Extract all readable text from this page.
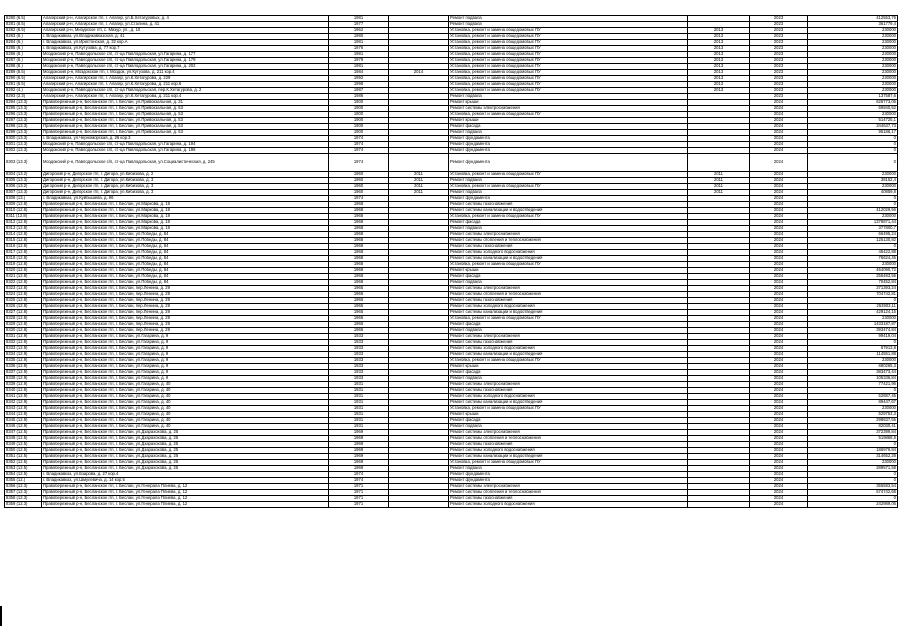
8280 (6.5)	Алагирский р-н, Алагирское г/п, г. Алагир, ул.Б.Хетагуровых, д. 4	1981		Ремонт подвала		2023	412553,76
8281 (6.5)	Алагирский р-н, Алагирское г/п, г. Алагир, ул.Сталина, д. 41	1977		Ремонт подвала		2023	361779,4
8282 (6.5)	Алагирский р-н, Мизурское г/п, с. Мизур, ул., д. 10	1962		Установка, ремонт и замена общедомовых ПУ	2013	2023	230000
8283 (6.)	г. Владикавказ, ул.Владикавказская, д. 41	1980		Установка, ремонт и замена общедомовых ПУ	2013	2023	230000
8284 (6.)	г. Владикавказ, ул.Иристонская, д. 32 кор.А	1981		Установка, ремонт и замена общедомовых ПУ	2013	2023	230000
8285 (6.)	г. Владикавказ, ул.Кутузова, д. 77 кор.7	1976		Установка, ремонт и замена общедомовых ПУ	2013	2023	230000
8286 (6.)	Моздокский р-н, Павлодольское с/п, ст-ца Павлодольская, ул.Гагарина, д. 177	1981		Установка, ремонт и замена общедомовых ПУ	2013	2023	230000
8287 (6.)	Моздокский р-н, Павлодольское с/п, ст-ца Павлодольская, ул.Гагарина, д. 179	1979		Установка, ремонт и замена общедомовых ПУ	2013	2023	230000
8288 (6.)	Моздокский р-н, Павлодольское с/п, ст-ца Павлодольская, ул.Гагарина, д. 202	1981		Установка, ремонт и замена общедомовых ПУ	2013	2023	230000
8289 (6.5)	Моздокский р-н, Моздокское г/п, г. Моздок, ул.Кутузова, д. 211 кор.4	1984	2014	Установка, ремонт и замена общедомовых ПУ	2013	2023	230000
8290 (6.5)	Алагирский р-н, Алагирское г/п, г. Алагир, ул.К.Хетагурова, д. 229	1992		Установка, ремонт и замена общедомовых ПУ	2013	2023	230000
8291 (6.5)	Алагирский р-н, Алагирское г/п, г. Алагир, ул.К.Хетагурова, д. 211 кор.6	1998		Установка, ремонт и замена общедомовых ПУ	2013	2023	230000
8292 (4.)	Моздокский р-н, Павлодольское с/п, ст-ца Павлодольская, пер.К.Хетагурова, д. 2	1987		Установка, ремонт и замена общедомовых ПУ	2013	2023	230000
8293 (2.3)	Алагирский р-н, Алагирское г/п, г. Алагир, ул.К.Хетагурова, д. 211 кор.4	1986		Ремонт подвала		2023	137587,6
8294 (13.3)	Правобережный р-н, Бесланское г/п, г. Беслан, ул.Привокзальная, д. 31	1900		Ремонт крыши		2024	628773,06
8295 (13.3)	Правобережный р-н, Бесланское г/п, г. Беслан, ул.Привокзальная, д. 53	1900		Ремонт системы электроснабжения		2024	69940,52
8296 (13.3)	Правобережный р-н, Бесланское г/п, г. Беслан, ул.Привокзальная, д. 53	1900		Установка, ремонт и замена общедомовых ПУ		2024	230000
8297 (13.3)	Правобережный р-н, Бесланское г/п, г. Беслан, ул.Привокзальная, д. 53	1900		Ремонт крыши		2024	514725,1
8298 (13.3)	Правобережный р-н, Бесланское г/п, г. Беслан, ул.Привокзальная, д. 53	1900		Ремонт фасада		2024	344637,73
8299 (13.3)	Правобережный р-н, Бесланское г/п, г. Беслан, ул.Привокзальная, д. 53	1900		Ремонт подвала		2024	95186,17
8300 (13.3)	г. Владикавказ, ул.Черноморская, д. 26 кор.3	1974		Ремонт фундамента		2024	0
8301 (13.3)	Моздокский р-н, Павлодольское с/п, ст-ца Павлодольская, ул.Гагарина, д. 194	1974		Ремонт фундамента		2024	0
8302 (13.3)	Моздокский р-н, Павлодольское с/п, ст-ца Павлодольская, ул.Гагарина, д. 196	1974		Ремонт фундамента		2024	0
8303 (13.3)	Моздокский р-н, Павлодольское с/п, ст-ца Павлодольская, ул.Социалистическая, д. 245	1974		Ремонт фундамента		2024	0
8304 (13.2)	Дигорский р-н, Дигорское г/п, г. Дигора, ул.Кибизова, д. 2	1960	2011	Установка, ремонт и замена общедомовых ПУ	2011	2024	230000
8305 (13.3)	Дигорский р-н, Дигорское г/п, г. Дигора, ул.Кибизова, д. 3	1960	2011	Ремонт подвала	2011	2024	38152,4
8306 (13.2)	Дигорский р-н, Дигорское г/п, г. Дигора, ул.Кибизова, д. 3	1960	2011	Установка, ремонт и замена общедомовых ПУ	2011	2024	230000
8307 (13.3)	Дигорский р-н, Дигорское г/п, г. Дигора, ул.Кибизова, д. 3	1960	2011	Ремонт подвала	2011	2024	40859,8
8308 (13.)	г. Владикавказ, ул.Куйбышева, д. 96	1974		Ремонт фундамента		2024	0
8309 (12.8)	Правобережный р-н, Бесланское г/п, г. Беслан, ул.Маркова, д. 19	1968		Ремонт системы газоснабжения		2024	0
8310 (12.8)	Правобережный р-н, Бесланское г/п, г. Беслан, ул.Маркова, д. 19	1968		Ремонт системы канализации и водоотведения		2024	412029,56
8311 (12.8)	Правобережный р-н, Бесланское г/п, г. Беслан, ул.Маркова, д. 19	1968		Установка, ремонт и замена общедомовых ПУ		2024	230000
8312 (12.8)	Правобережный р-н, Бесланское г/п, г. Беслан, ул.Маркова, д. 19	1968		Ремонт фасада		2024	1378871,44
8313 (12.8)	Правобережный р-н, Бесланское г/п, г. Беслан, ул.Маркова, д. 19	1968		Ремонт подвала		2024	377800,7
8314 (12.8)	Правобережный р-н, Бесланское г/п, г. Беслан, ул.Победы, д. 84	1968		Ремонт системы электроснабжения		2024	66495,24
8315 (12.8)	Правобережный р-н, Бесланское г/п, г. Беслан, ул.Победы, д. 84	1968		Ремонт системы отопления и теплоснабжения		2024	125130,82
8316 (12.8)	Правобережный р-н, Бесланское г/п, г. Беслан, ул.Победы, д. 84	1968		Ремонт системы газоснабжения		2024	0
8317 (12.8)	Правобережный р-н, Бесланское г/п, г. Беслан, ул.Победы, д. 84	1968		Ремонт системы холодного водоснабжения		2024	45422,88
8318 (12.8)	Правобережный р-н, Бесланское г/п, г. Беслан, ул.Победы, д. 84	1968		Ремонт системы канализации и водоотведения		2024	76624,45
8319 (12.8)	Правобережный р-н, Бесланское г/п, г. Беслан, ул.Победы, д. 84	1968		Установка, ремонт и замена общедомовых ПУ		2024	230000
8320 (12.8)	Правобережный р-н, Бесланское г/п, г. Беслан, ул.Победы, д. 84	1968		Ремонт крыши		2024	454090,72
8321 (12.8)	Правобережный р-н, Бесланское г/п, г. Беслан, ул.Победы, д. 84	1968		Ремонт фасада		2024	256483,56
8322 (12.8)	Правобережный р-н, Бесланское г/п, г. Беслан, ул.Победы, д. 84	1968		Ремонт подвала		2024	70452,84
8323 (12.8)	Правобережный р-н, Бесланское г/п, г. Беслан, пер.Ленина, д. 29	1965		Ремонт системы электроснабжения		2024	371393,24
8324 (12.8)	Правобережный р-н, Бесланское г/п, г. Беслан, пер.Ленина, д. 29	1965		Ремонт системы отопления и теплоснабжения		2024	704742,81
8325 (12.8)	Правобережный р-н, Бесланское г/п, г. Беслан, пер.Ленина, д. 29	1965		Ремонт системы газоснабжения		2024	0
8326 (12.8)	Правобережный р-н, Бесланское г/п, г. Беслан, пер.Ленина, д. 29	1965		Ремонт системы холодного водоснабжения		2024	253903,11
8327 (12.8)	Правобережный р-н, Бесланское г/п, г. Беслан, пер.Ленина, д. 29	1965		Ремонт системы канализации и водоотведения		2024	429124,15
8328 (12.8)	Правобережный р-н, Бесланское г/п, г. Беслан, пер.Ленина, д. 29	1965		Установка, ремонт и замена общедомовых ПУ		2024	230000
8329 (12.8)	Правобережный р-н, Бесланское г/п, г. Беслан, пер.Ленина, д. 29	1965		Ремонт фасада		2024	1433187,87
8330 (12.8)	Правобережный р-н, Бесланское г/п, г. Беслан, пер.Ленина, д. 29	1965		Ремонт подвала		2024	393474,84
8331 (12.9)	Правобережный р-н, Бесланское г/п, г. Беслан, ул.Гагарина, д. 9	1933		Ремонт системы электроснабжения		2024	99419,04
8332 (12.9)	Правобережный р-н, Бесланское г/п, г. Беслан, ул.Гагарина, д. 9	1933		Ремонт системы газоснабжения		2024	0
8333 (12.9)	Правобережный р-н, Бесланское г/п, г. Беслан, ул.Гагарина, д. 9	1933		Ремонт системы холодного водоснабжения		2024	67913,8
8334 (12.9)	Правобережный р-н, Бесланское г/п, г. Беслан, ул.Гагарина, д. 9	1933		Ремонт системы канализации и водоотведения		2024	114551,88
8335 (12.9)	Правобережный р-н, Бесланское г/п, г. Беслан, ул.Гагарина, д. 9	1933		Установка, ремонт и замена общедомовых ПУ		2024	230000
8336 (12.9)	Правобережный р-н, Бесланское г/п, г. Беслан, ул.Гагарина, д. 9	1933		Ремонт крыши		2024	680265,3
8337 (12.9)	Правобережный р-н, Бесланское г/п, г. Беслан, ул.Гагарина, д. 9	1933		Ремонт фасада		2024	383473,44
8338 (12.9)	Правобережный р-н, Бесланское г/п, г. Беслан, ул.Гагарина, д. 9	1933		Ремонт подвала		2024	105336,84
8339 (12.9)	Правобережный р-н, Бесланское г/п, г. Беслан, ул.Гагарина, д. 40	1931		Ремонт системы электроснабжения		2024	77421,96
8340 (12.9)	Правобережный р-н, Бесланское г/п, г. Беслан, ул.Гагарина, д. 40	1931		Ремонт системы газоснабжения		2024	0
8341 (12.9)	Правобережный р-н, Бесланское г/п, г. Беслан, ул.Гагарина, д. 40	1931		Ремонт системы холодного водоснабжения		2024	52887,45
8342 (12.9)	Правобережный р-н, Бесланское г/п, г. Беслан, ул.Гагарина, д. 40	1931		Ремонт системы канализации и водоотведения		2024	89447,67
8343 (12.9)	Правобережный р-н, Бесланское г/п, г. Беслан, ул.Гагарина, д. 40	1931		Установка, ремонт и замена общедомовых ПУ		2024	230000
8344 (12.9)	Правобережный р-н, Бесланское г/п, г. Беслан, ул.Гагарина, д. 40	1931		Ремонт крыши		2024	529753,3
8345 (12.9)	Правобережный р-н, Бесланское г/п, г. Беслан, ул.Гагарина, д. 40	1931		Ремонт фасада		2024	298637,55
8346 (12.9)	Правобережный р-н, Бесланское г/п, г. Беслан, ул.Гагарина, д. 40	1931		Ремонт подвала		2024	82030,41
8347 (12.5)	Правобережный р-н, Бесланское г/п, г. Беслан, ул.Дзарахохова, д. 25	1969		Ремонт системы электроснабжения		2024	372399,84
8348 (12.5)	Правобережный р-н, Бесланское г/п, г. Беслан, ул.Дзарахохова, д. 25	1969		Ремонт системы отопления и теплоснабжения		2024	519868,9
8349 (12.5)	Правобережный р-н, Бесланское г/п, г. Беслан, ул.Дзарахохова, д. 25	1969		Ремонт системы газоснабжения		2024	0
8350 (12.5)	Правобережный р-н, Бесланское г/п, г. Беслан, ул.Дзарахохова, д. 25	1969		Ремонт системы холодного водоснабжения		2024	186979,84
8351 (12.5)	Правобережный р-н, Бесланское г/п, г. Беслан, ул.Дзарахохова, д. 25	1969		Ремонт системы канализации и водоотведения		2024	314652,28
8352 (12.5)	Правобережный р-н, Бесланское г/п, г. Беслан, ул.Дзарахохова, д. 25	1969		Установка, ремонт и замена общедомовых ПУ		2024	230000
8353 (12.5)	Правобережный р-н, Бесланское г/п, г. Беслан, ул.Дзарахохова, д. 25	1969		Ремонт подвала		2024	289571,58
8354 (12.5)	г. Владикавказ, ул.Бзарова, д. 27 кор.4	1974		Ремонт фундамента		2024	0
8355 (12.)	г. Владикавказ, ул.Шмулевича, д. 14 кор.5	1974		Ремонт фундамента		2024	0
8356 (12.3)	Правобережный р-н, Бесланское г/п, г. Беслан, ул.Генерала Плиева, д. 12	1971		Ремонт системы электроснабжения		2024	355583,54
8357 (12.3)	Правобережный р-н, Бесланское г/п, г. Беслан, ул.Генерала Плиева, д. 12	1971		Ремонт системы отопления и теплоснабжения		2024	574742,68
8358 (12.3)	Правобережный р-н, Бесланское г/п, г. Беслан, ул.Генерала Плиева, д. 12	1971		Ремонт системы газоснабжения		2024	0
8359 (12.3)	Правобережный р-н, Бесланское г/п, г. Беслан, ул.Генерала Плиева, д. 12	1971		Ремонт системы холодного водоснабжения		2024	242989,06
